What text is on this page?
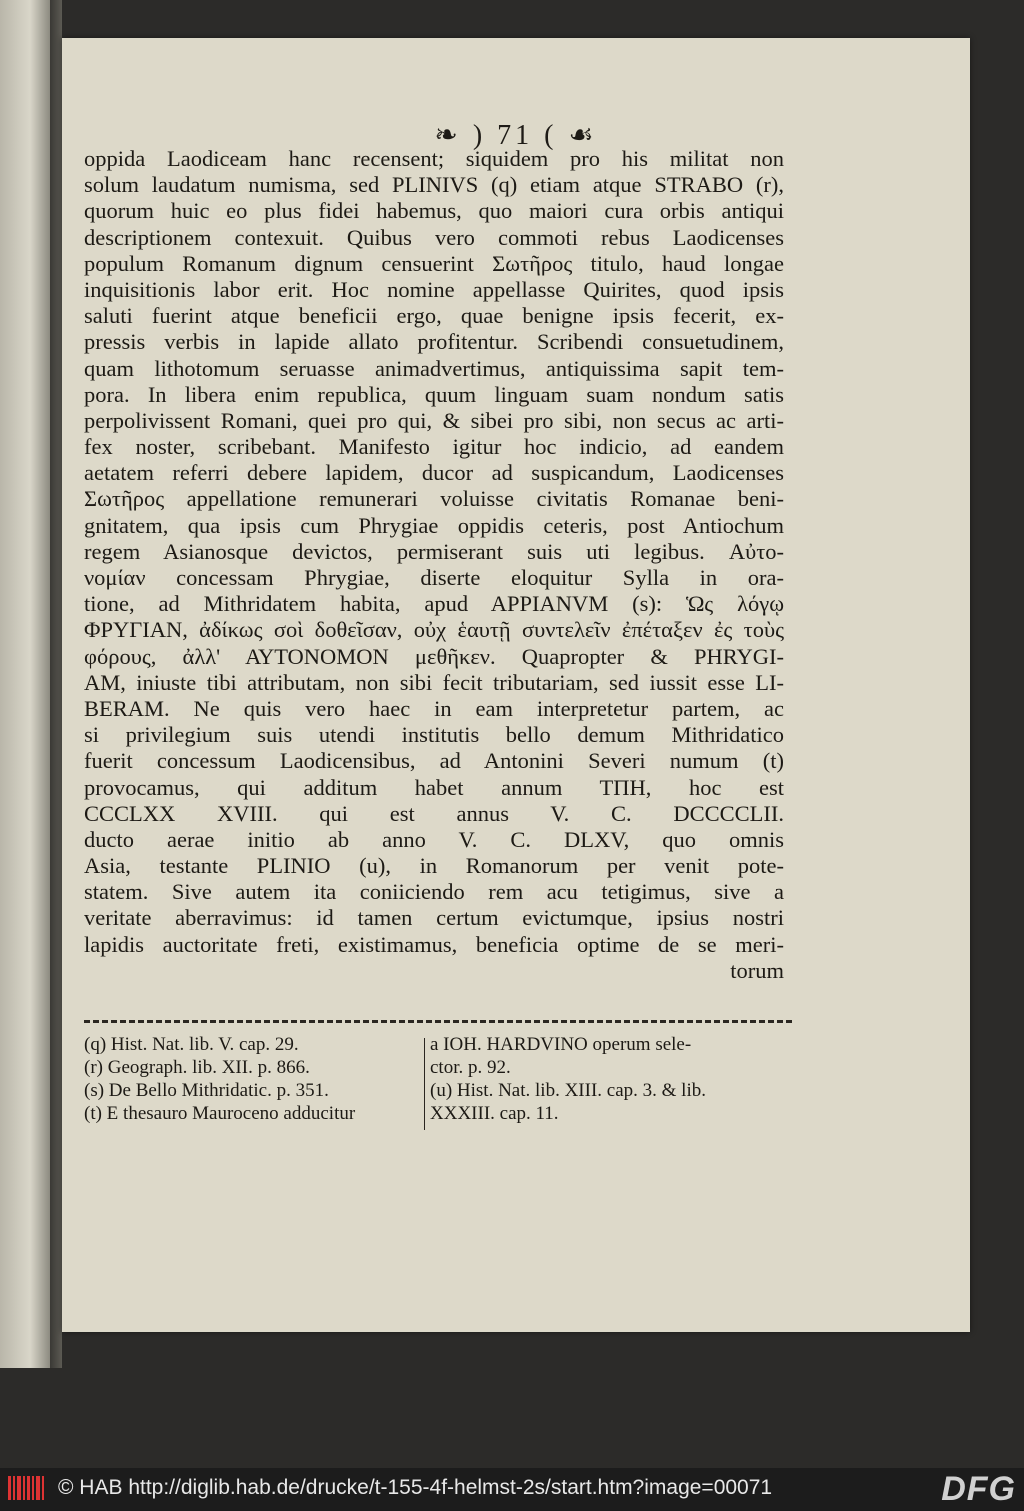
❧ ) 71 ( ☙
oppida Laodiceam hanc recensent; siquidem pro his militat non
solum laudatum numisma, sed PLINIVS (q) etiam atque STRABO (r),
quorum huic eo plus fidei habemus, quo maiori cura orbis antiqui
descriptionem contexuit. Quibus vero commoti rebus Laodicenses
populum Romanum dignum censuerint Σωτῆρος titulo, haud longae
inquisitionis labor erit. Hoc nomine appellasse Quirites, quod ipsis
saluti fuerint atque beneficii ergo, quae benigne ipsis fecerit, ex-
pressis verbis in lapide allato profitentur. Scribendi consuetudinem,
quam lithotomum seruasse animadvertimus, antiquissima sapit tem-
pora. In libera enim republica, quum linguam suam nondum satis
perpolivissent Romani, quei pro qui, & sibei pro sibi, non secus ac arti-
fex noster, scribebant. Manifesto igitur hoc indicio, ad eandem
aetatem referri debere lapidem, ducor ad suspicandum, Laodicenses
Σωτῆρος appellatione remunerari voluisse civitatis Romanae beni-
gnitatem, qua ipsis cum Phrygiae oppidis ceteris, post Antiochum
regem Asianosque devictos, permiserant suis uti legibus. Αὐτο-
νομίαν concessam Phrygiae, diserte eloquitur Sylla in ora-
tione, ad Mithridatem habita, apud APPIANVM (s): Ὡς λόγῳ
ΦΡΥΓΙΑΝ, ἀδίκως σοὶ δοθεῖσαν, οὐχ ἑαυτῇ συντελεῖν ἐπέταξεν ἐς τοὺς
φόρους, ἀλλ' ΑΥΤΟΝΟΜΟΝ μεθῆκεν. Quapropter & PHRYGI-
AM, iniuste tibi attributam, non sibi fecit tributariam, sed iussit esse LI-
BERAM. Ne quis vero haec in eam interpretetur partem, ac
si privilegium suis utendi institutis bello demum Mithridatico
fuerit concessum Laodicensibus, ad Antonini Severi numum (t)
provocamus, qui additum habet annum TΠH, hoc est
CCCLXX XVIII. qui est annus V. C. DCCCCLII.
ducto aerae initio ab anno V. C. DLXV, quo omnis
Asia, testante PLINIO (u), in Romanorum per venit pote-
statem. Sive autem ita coniiciendo rem acu tetigimus, sive a
veritate aberravimus: id tamen certum evictumque, ipsius nostri
lapidis auctoritate freti, existimamus, beneficia optime de se meri-
torum
(q) Hist. Nat. lib. V. cap. 29.
(r) Geograph. lib. XII. p. 866.
(s) De Bello Mithridatic. p. 351.
(t) E thesauro Mauroceno adducitur
a IOH. HARDVINO operum sele-
ctor. p. 92.
(u) Hist. Nat. lib. XIII. cap. 3. & lib.
XXXIII. cap. 11.
© HAB http://diglib.hab.de/drucke/t-155-4f-helmst-2s/start.htm?image=00071	DFG
